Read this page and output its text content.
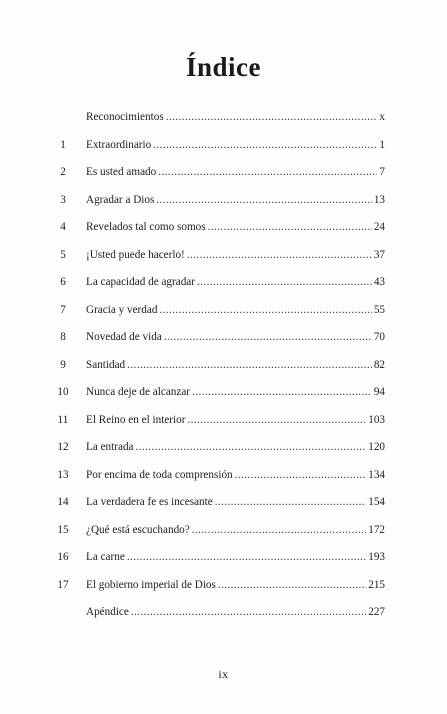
Índice
Reconocimientos .....	x
1	Extraordinario .....	1
2	Es usted amado .....	7
3	Agradar a Dios .....	13
4	Revelados tal como somos .....	24
5	¡Usted puede hacerlo! .....	37
6	La capacidad de agradar .....	43
7	Gracia y verdad .....	55
8	Novedad de vida .....	70
9	Santidad .....	82
10	Nunca deje de alcanzar .....	94
11	El Reino en el interior .....	103
12	La entrada .....	120
13	Por encima de toda comprensión .....	134
14	La verdadera fe es incesante .....	154
15	¿Qué está escuchando? .....	172
16	La carne .....	193
17	El gobierno imperial de Dios .....	215
Apéndice .....	227
ix
